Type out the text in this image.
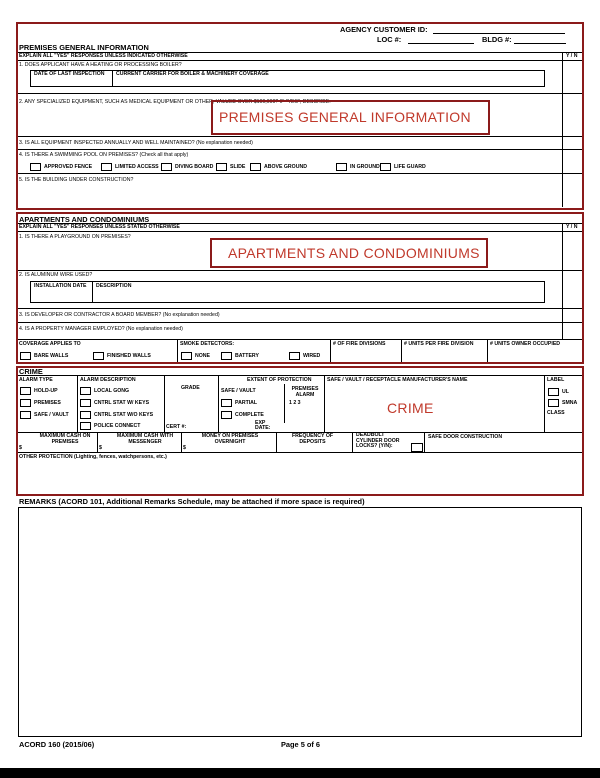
AGENCY CUSTOMER ID:
LOC #:	BLDG #:
PREMISES GENERAL INFORMATION
EXPLAIN ALL "YES" RESPONSES UNLESS INDICATED OTHERWISE	Y / N
1. DOES APPLICANT HAVE A HEATING OR PROCESSING BOILER?
DATE OF LAST INSPECTION CURRENT CARRIER FOR BOILER & MACHINERY COVERAGE
2. ANY SPECIALIZED EQUIPMENT, SUCH AS MEDICAL EQUIPMENT OR OTHER, VALUED OVER $100,000? IF "YES", DESCRIBE.
3. IS ALL EQUIPMENT INSPECTED ANNUALLY AND WELL MAINTAINED? (No explanation needed)
4. IS THERE A SWIMMING POOL ON PREMISES? (Check all that apply)
APPROVED FENCE	LIMITED ACCESS	DIVING BOARD	SLIDE	ABOVE GROUND	IN GROUND	LIFE GUARD
5. IS THE BUILDING UNDER CONSTRUCTION?
PREMISES GENERAL INFORMATION
APARTMENTS AND CONDOMINIUMS
EXPLAIN ALL "YES" RESPONSES UNLESS STATED OTHERWISE	Y / N
1. IS THERE A PLAYGROUND ON PREMISES?
2. IS ALUMINUM WIRE USED?
INSTALLATION DATE DESCRIPTION
3. IS DEVELOPER OR CONTRACTOR A BOARD MEMBER? (No explanation needed)
4. IS A PROPERTY MANAGER EMPLOYED? (No explanation needed)
COVERAGE APPLIES TO
BARE WALLS	FINISHED WALLS
SMOKE DETECTORS:
NONE	BATTERY	WIRED
# OF FIRE DIVISIONS	# UNITS PER FIRE DIVISION	# UNITS OWNER OCCUPIED
APARTMENTS AND CONDOMINIUMS
CRIME
ALARM TYPE
HOLD-UP
PREMISES
SAFE / VAULT
ALARM DESCRIPTION
LOCAL GONG
CNTRL STAT W/ KEYS
CNTRL STAT W/O KEYS
POLICE CONNECT
GRADE
CERT #:
EXTENT OF PROTECTION
SAFE / VAULT	PREMISES ALARM
PARTIAL	1 2 3
COMPLETE
EXP DATE:
SAFE / VAULT / RECEPTACLE MANUFACTURER'S NAME	LABEL
UL
SMNA
CLASS
CRIME
MAXIMUM CASH ON PREMISES
$
MAXIMUM CASH WITH MESSENGER
$
MONEY ON PREMISES OVERNIGHT
$
FREQUENCY OF DEPOSITS
DEADBOLT CYLINDER DOOR LOCKS? (Y/N):
SAFE DOOR CONSTRUCTION
OTHER PROTECTION (Lighting, fences, watchpersons, etc.)
REMARKS (ACORD 101, Additional Remarks Schedule, may be attached if more space is required)
ACORD 160 (2015/06)	Page 5 of 6
